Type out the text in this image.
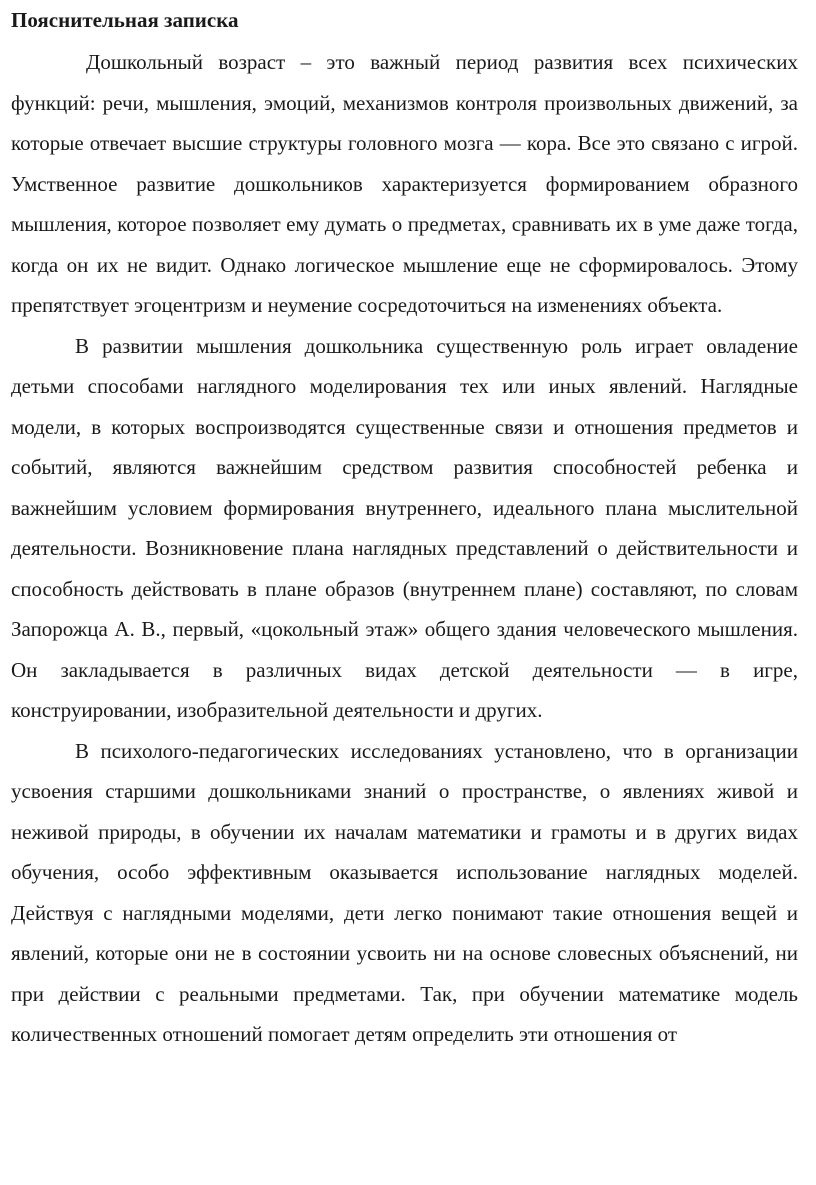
Пояснительная записка

Дошкольный возраст – это важный период развития всех психических функций: речи, мышления, эмоций, механизмов контроля произвольных движений, за которые отвечает высшие структуры головного мозга — кора. Все это связано с игрой. Умственное развитие дошкольников характеризуется формированием образного мышления, которое позволяет ему думать о предметах, сравнивать их в уме даже тогда, когда он их не видит. Однако логическое мышление еще не сформировалось. Этому препятствует эгоцентризм и неумение сосредоточиться на изменениях объекта.

В развитии мышления дошкольника существенную роль играет овладение детьми способами наглядного моделирования тех или иных явлений. Наглядные модели, в которых воспроизводятся существенные связи и отношения предметов и событий, являются важнейшим средством развития способностей ребенка и важнейшим условием формирования внутреннего, идеального плана мыслительной деятельности. Возникновение плана наглядных представлений о действительности и способность действовать в плане образов (внутреннем плане) составляют, по словам Запорожца А. В., первый, «цокольный этаж» общего здания человеческого мышления. Он закладывается в различных видах детской деятельности — в игре, конструировании, изобразительной деятельности и других.

В психолого-педагогических исследованиях установлено, что в организации усвоения старшими дошкольниками знаний о пространстве, о явлениях живой и неживой природы, в обучении их началам математики и грамоты и в других видах обучения, особо эффективным оказывается использование наглядных моделей. Действуя с наглядными моделями, дети легко понимают такие отношения вещей и явлений, которые они не в состоянии усвоить ни на основе словесных объяснений, ни при действии с реальными предметами. Так, при обучении математике модель количественных отношений помогает детям определить эти отношения от
